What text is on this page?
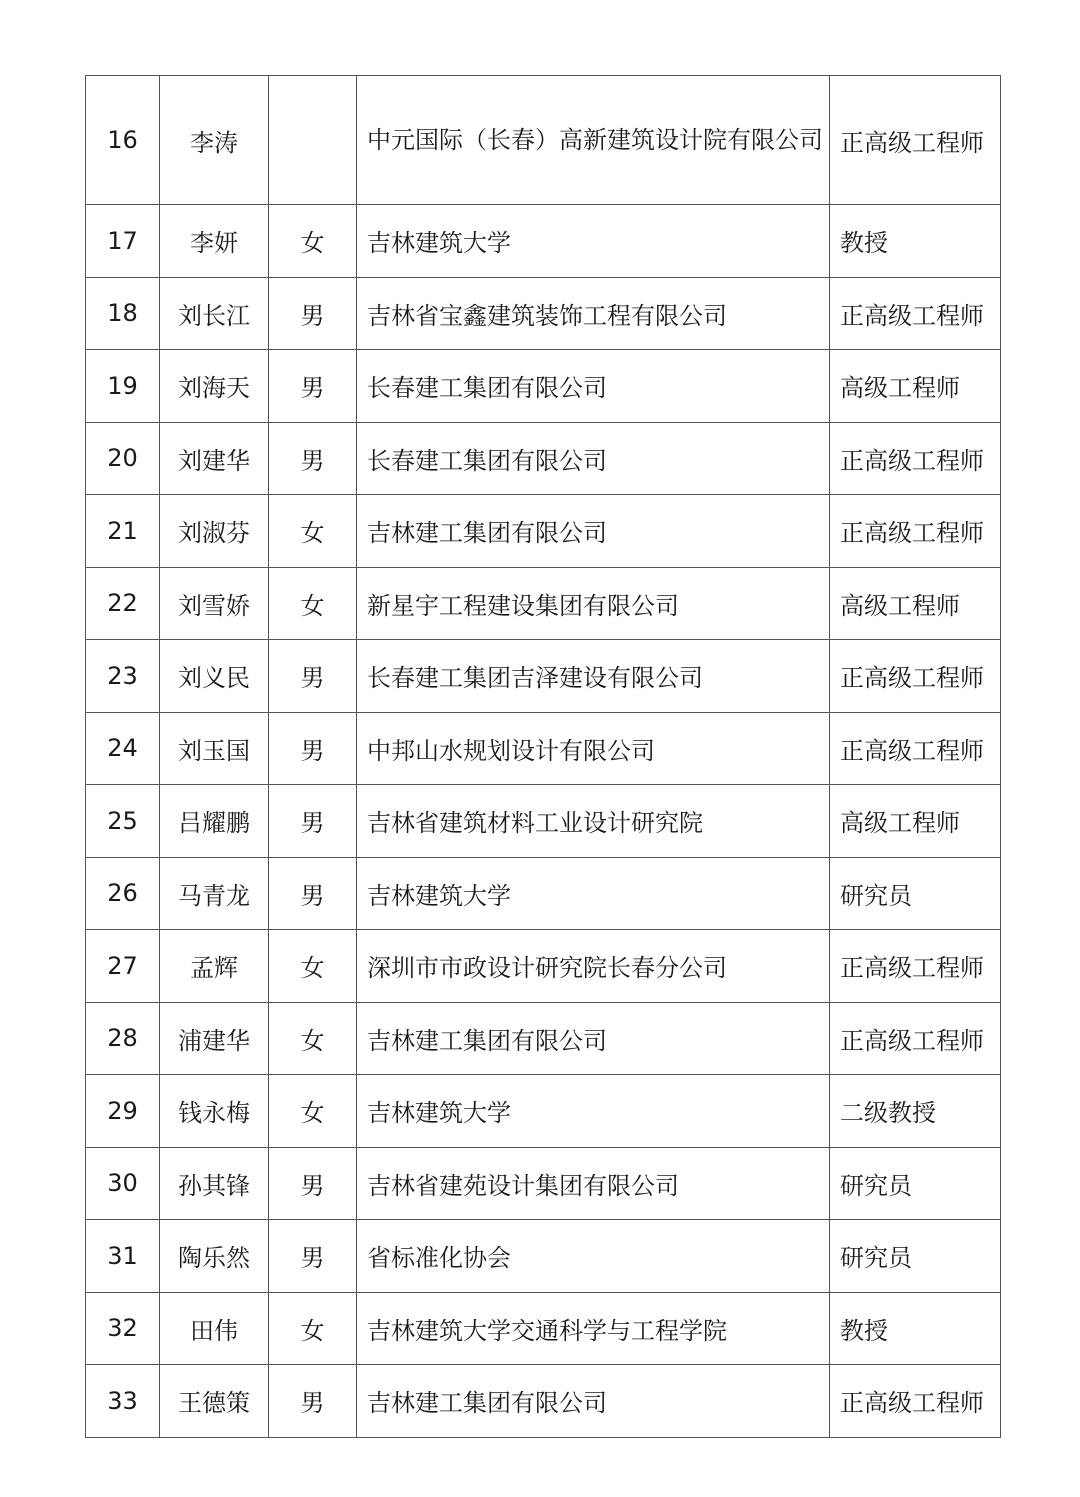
16	李涛		中元国际（长春）高新建筑设计院有限公司	正高级工程师
17	李妍	女	吉林建筑大学	教授
18	刘长江	男	吉林省宝鑫建筑装饰工程有限公司	正高级工程师
19	刘海天	男	长春建工集团有限公司	高级工程师
20	刘建华	男	长春建工集团有限公司	正高级工程师
21	刘淑芬	女	吉林建工集团有限公司	正高级工程师
22	刘雪娇	女	新星宇工程建设集团有限公司	高级工程师
23	刘义民	男	长春建工集团吉泽建设有限公司	正高级工程师
24	刘玉国	男	中邦山水规划设计有限公司	正高级工程师
25	吕耀鹏	男	吉林省建筑材料工业设计研究院	高级工程师
26	马青龙	男	吉林建筑大学	研究员
27	孟辉	女	深圳市市政设计研究院长春分公司	正高级工程师
28	浦建华	女	吉林建工集团有限公司	正高级工程师
29	钱永梅	女	吉林建筑大学	二级教授
30	孙其锋	男	吉林省建苑设计集团有限公司	研究员
31	陶乐然	男	省标准化协会	研究员
32	田伟	女	吉林建筑大学交通科学与工程学院	教授
33	王德策	男	吉林建工集团有限公司	正高级工程师
